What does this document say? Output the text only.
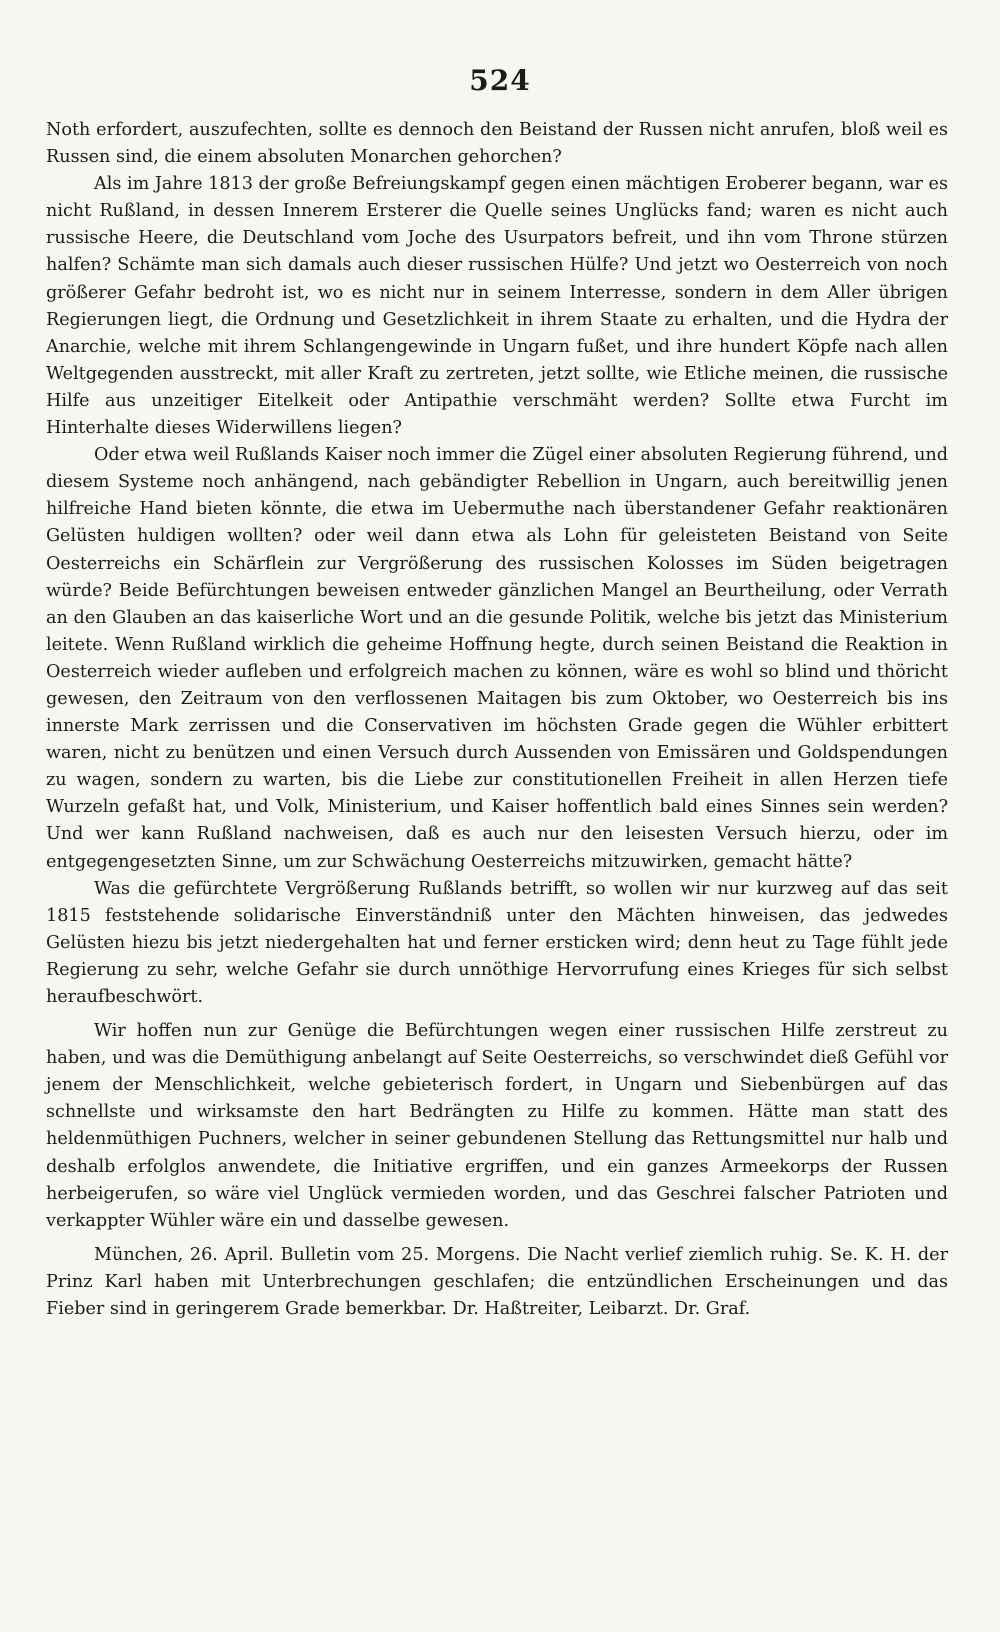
524

Noth erfordert, auszufechten, sollte es dennoch den Beistand der Russen nicht anrufen, bloß weil es Russen sind, die einem absoluten Monarchen gehorchen?

Als im Jahre 1813 der große Befreiungskampf gegen einen mächtigen Eroberer begann, war es nicht Rußland, in dessen Innerem Ersterer die Quelle seines Unglücks fand; waren es nicht auch russische Heere, die Deutschland vom Joche des Usurpators befreit, und ihn vom Throne stürzen halfen? Schämte man sich damals auch dieser russischen Hülfe? Und jetzt wo Oesterreich von noch größerer Gefahr bedroht ist, wo es nicht nur in seinem Interresse, sondern in dem Aller übrigen Regierungen liegt, die Ordnung und Gesetzlichkeit in ihrem Staate zu erhalten, und die Hydra der Anarchie, welche mit ihrem Schlangengewinde in Ungarn fußet, und ihre hundert Köpfe nach allen Weltgegenden ausstreckt, mit aller Kraft zu zertreten, jetzt sollte, wie Etliche meinen, die russische Hilfe aus unzeitiger Eitelkeit oder Antipathie verschmäht werden? Sollte etwa Furcht im Hinterhalte dieses Widerwillens liegen?

Oder etwa weil Rußlands Kaiser noch immer die Zügel einer absoluten Regierung führend, und diesem Systeme noch anhängend, nach gebändigter Rebellion in Ungarn, auch bereitwillig jenen hilfreiche Hand bieten könnte, die etwa im Uebermuthe nach überstandener Gefahr reaktionären Gelüsten huldigen wollten? oder weil dann etwa als Lohn für geleisteten Beistand von Seite Oesterreichs ein Schärflein zur Vergrößerung des russischen Kolosses im Süden beigetragen würde? Beide Befürchtungen beweisen entweder gänzlichen Mangel an Beurtheilung, oder Verrath an den Glauben an das kaiserliche Wort und an die gesunde Politik, welche bis jetzt das Ministerium leitete. Wenn Rußland wirklich die geheime Hoffnung hegte, durch seinen Beistand die Reaktion in Oesterreich wieder aufleben und erfolgreich machen zu können, wäre es wohl so blind und thöricht gewesen, den Zeitraum von den verflossenen Maitagen bis zum Oktober, wo Oesterreich bis ins innerste Mark zerrissen und die Conservativen im höchsten Grade gegen die Wühler erbittert waren, nicht zu benützen und einen Versuch durch Aussenden von Emissären und Goldspendungen zu wagen, sondern zu warten, bis die Liebe zur constitutionellen Freiheit in allen Herzen tiefe Wurzeln gefaßt hat, und Volk, Ministerium, und Kaiser hoffentlich bald eines Sinnes sein werden? Und wer kann Rußland nachweisen, daß es auch nur den leisesten Versuch hierzu, oder im entgegengesetzten Sinne, um zur Schwächung Oesterreichs mitzuwirken, gemacht hätte?

Was die gefürchtete Vergrößerung Rußlands betrifft, so wollen wir nur kurzweg auf das seit 1815 feststehende solidarische Einverständniß unter den Mächten hinweisen, das jedwedes Gelüsten hiezu bis jetzt niedergehalten hat und ferner ersticken wird; denn heut zu Tage fühlt jede Regierung zu sehr, welche Gefahr sie durch unnöthige Hervorrufung eines Krieges für sich selbst heraufbeschwört.

Wir hoffen nun zur Genüge die Befürchtungen wegen einer russischen Hilfe zerstreut zu haben, und was die Demüthigung anbelangt auf Seite Oesterreichs, so verschwindet dieß Gefühl vor jenem der Menschlichkeit, welche gebieterisch fordert, in Ungarn und Siebenbürgen auf das schnellste und wirksamste den hart Bedrängten zu Hilfe zu kommen. Hätte man statt des heldenmüthigen Puchners, welcher in seiner gebundenen Stellung das Rettungsmittel nur halb und deshalb erfolglos anwendete, die Initiative ergriffen, und ein ganzes Armeekorps der Russen herbeigerufen, so wäre viel Unglück vermieden worden, und das Geschrei falscher Patrioten und verkappter Wühler wäre ein und dasselbe gewesen.

München, 26. April. Bulletin vom 25. Morgens. Die Nacht verlief ziemlich ruhig. Se. K. H. der Prinz Karl haben mit Unterbrechungen geschlafen; die entzündlichen Erscheinungen und das Fieber sind in geringerem Grade bemerkbar. Dr. Haßtreiter, Leibarzt. Dr. Graf.
